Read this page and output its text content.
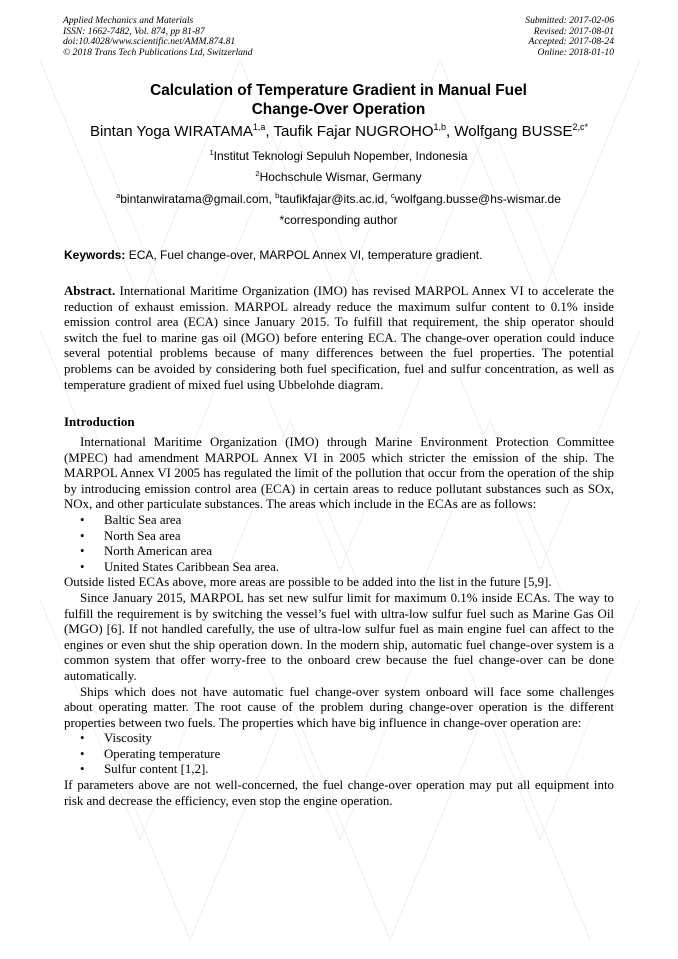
Applied Mechanics and Materials
ISSN: 1662-7482, Vol. 874, pp 81-87
doi:10.4028/www.scientific.net/AMM.874.81
© 2018 Trans Tech Publications Ltd, Switzerland
Submitted: 2017-02-06
Revised: 2017-08-01
Accepted: 2017-08-24
Online: 2018-01-10
Calculation of Temperature Gradient in Manual Fuel
Change-Over Operation
Bintan Yoga WIRATAMA$^{1,a}$, Taufik Fajar NUGROHO$^{1,b}$, Wolfgang $BUSSE^{2,c*}$
$^1$Institut Teknologi Sepuluh Nopember, Indonesia
$^2$Hochschule Wismar, Germany
$^a$bintanwiratama@gmail.com, $^b$taufikfajar@its.ac.id, $^c$wolfgang.busse@hs-wismar.de
*corresponding author
Keywords: ECA, Fuel change-over, MARPOL Annex VI, temperature gradient.
Abstract. International Maritime Organization (IMO) has revised MARPOL Annex VI to accelerate the reduction of exhaust emission. MARPOL already reduce the maximum sulfur content to 0.1% inside emission control area (ECA) since January 2015. To fulfill that requirement, the ship operator should switch the fuel to marine gas oil (MGO) before entering ECA. The change-over operation could induce several potential problems because of many differences between the fuel properties. The potential problems can be avoided by considering both fuel specification, fuel and sulfur concentration, as well as temperature gradient of mixed fuel using Ubbelohde diagram.
Introduction

International Maritime Organization (IMO) through Marine Environment Protection Committee (MPEC) had amendment MARPOL Annex VI in 2005 which stricter the emission of the ship. The MARPOL Annex VI 2005 has regulated the limit of the pollution that occur from the operation of the ship by introducing emission control area (ECA) in certain areas to reduce pollutant substances such as SOx, NOx, and other particulate substances. The areas which include in the ECAs are as follows:

• Baltic Sea area
• North Sea area
• North American area
• United States Caribbean Sea area.

Outside listed ECAs above, more areas are possible to be added into the list in the future [5,9].

Since January 2015, MARPOL has set new sulfur limit for maximum 0.1% inside ECAs. The way to fulfill the requirement is by switching the vessel’s fuel with ultra-low sulfur fuel such as Marine Gas Oil (MGO) [6]. If not handled carefully, the use of ultra-low sulfur fuel as main engine fuel can affect to the engines or even shut the ship operation down. In the modern ship, automatic fuel change-over system is a common system that offer worry-free to the onboard crew because the fuel change-over can be done automatically.

Ships which does not have automatic fuel change-over system onboard will face some challenges about operating matter. The root cause of the problem during change-over operation is the different properties between two fuels. The properties which have big influence in change-over operation are:

• Viscosity
• Operating temperature
• Sulfur content [1,2].

If parameters above are not well-concerned, the fuel change-over operation may put all equipment into risk and decrease the efficiency, even stop the engine operation.
